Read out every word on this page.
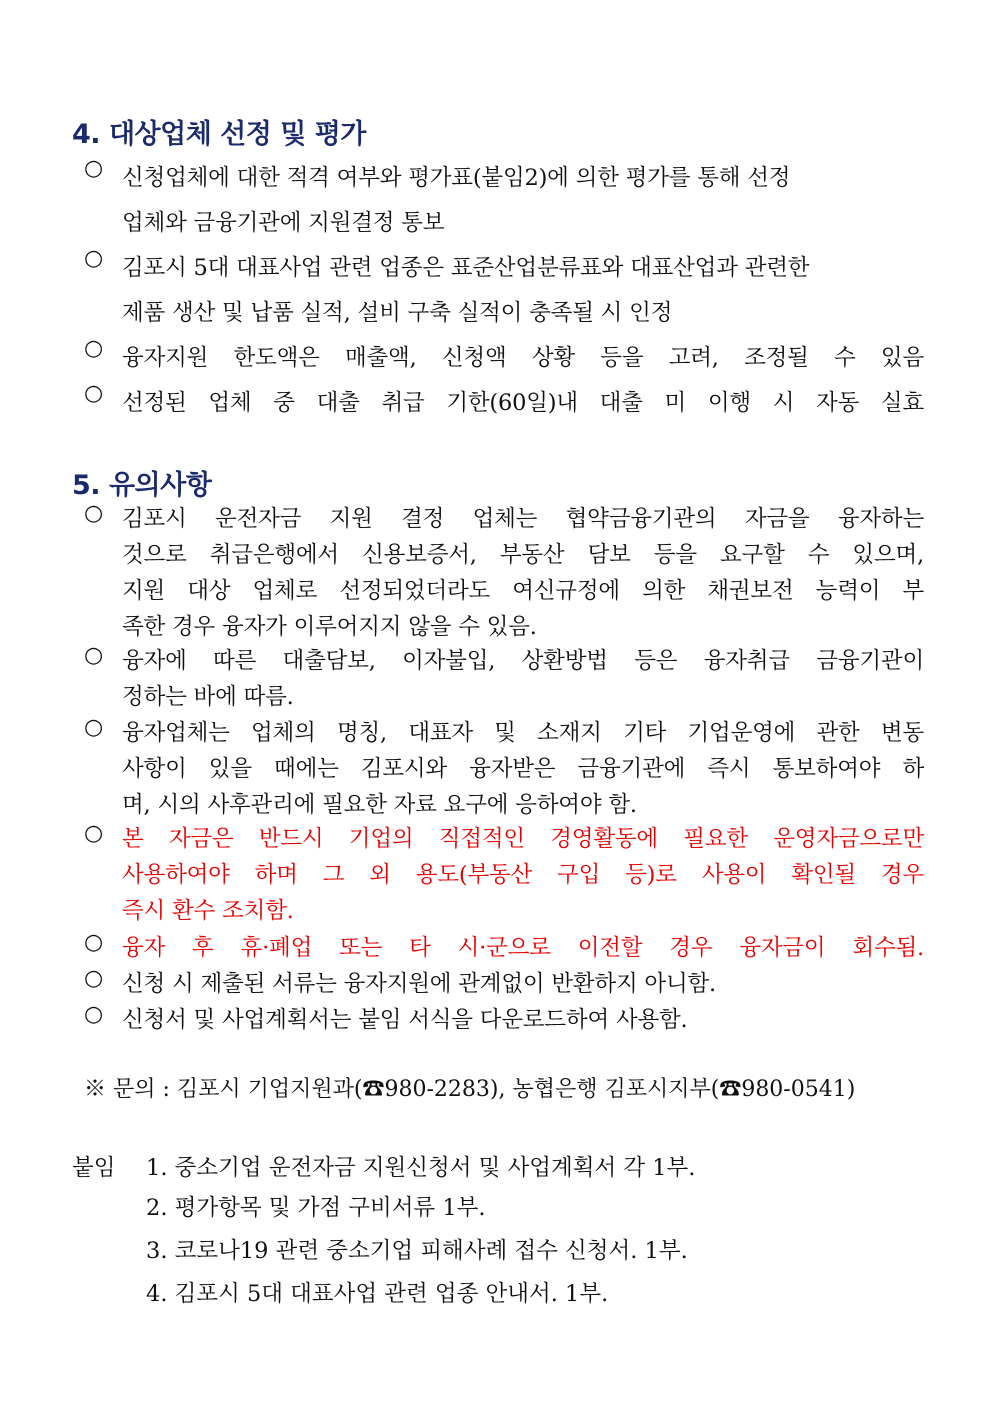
4. 대상업체 선정 및 평가
○ 신청업체에 대한 적격 여부와 평가표(붙임2)에 의한 평가를 통해 선정
업체와 금융기관에 지원결정 통보
○ 김포시 5대 대표사업 관련 업종은 표준산업분류표와 대표산업과 관련한
제품 생산 및 납품 실적, 설비 구축 실적이 충족될 시 인정
○ 융자지원 한도액은 매출액, 신청액 상황 등을 고려, 조정될 수 있음
○ 선정된 업체 중 대출 취급 기한(60일)내 대출 미 이행 시 자동 실효
5. 유의사항
○ 김포시 운전자금 지원 결정 업체는 협약금융기관의 자금을 융자하는
것으로 취급은행에서 신용보증서, 부동산 담보 등을 요구할 수 있으며,
지원 대상 업체로 선정되었더라도 여신규정에 의한 채권보전 능력이 부
족한 경우 융자가 이루어지지 않을 수 있음.
○ 융자에 따른 대출담보, 이자불입, 상환방법 등은 융자취급 금융기관이
정하는 바에 따름.
○ 융자업체는 업체의 명칭, 대표자 및 소재지 기타 기업운영에 관한 변동
사항이 있을 때에는 김포시와 융자받은 금융기관에 즉시 통보하여야 하
며, 시의 사후관리에 필요한 자료 요구에 응하여야 함.
○ 본 자금은 반드시 기업의 직접적인 경영활동에 필요한 운영자금으로만
사용하여야 하며 그 외 용도(부동산 구입 등)로 사용이 확인될 경우
즉시 환수 조치함.
○ 융자 후 휴·폐업 또는 타 시·군으로 이전할 경우 융자금이 회수됨.
○ 신청 시 제출된 서류는 융자지원에 관계없이 반환하지 아니함.
○ 신청서 및 사업계획서는 붙임 서식을 다운로드하여 사용함.
※ 문의 : 김포시 기업지원과(☎980-2283), 농협은행 김포시지부(☎980-0541)
붙임 1. 중소기업 운전자금 지원신청서 및 사업계획서 각 1부.
2. 평가항목 및 가점 구비서류 1부.
3. 코로나19 관련 중소기업 피해사례 접수 신청서. 1부.
4. 김포시 5대 대표사업 관련 업종 안내서. 1부.
